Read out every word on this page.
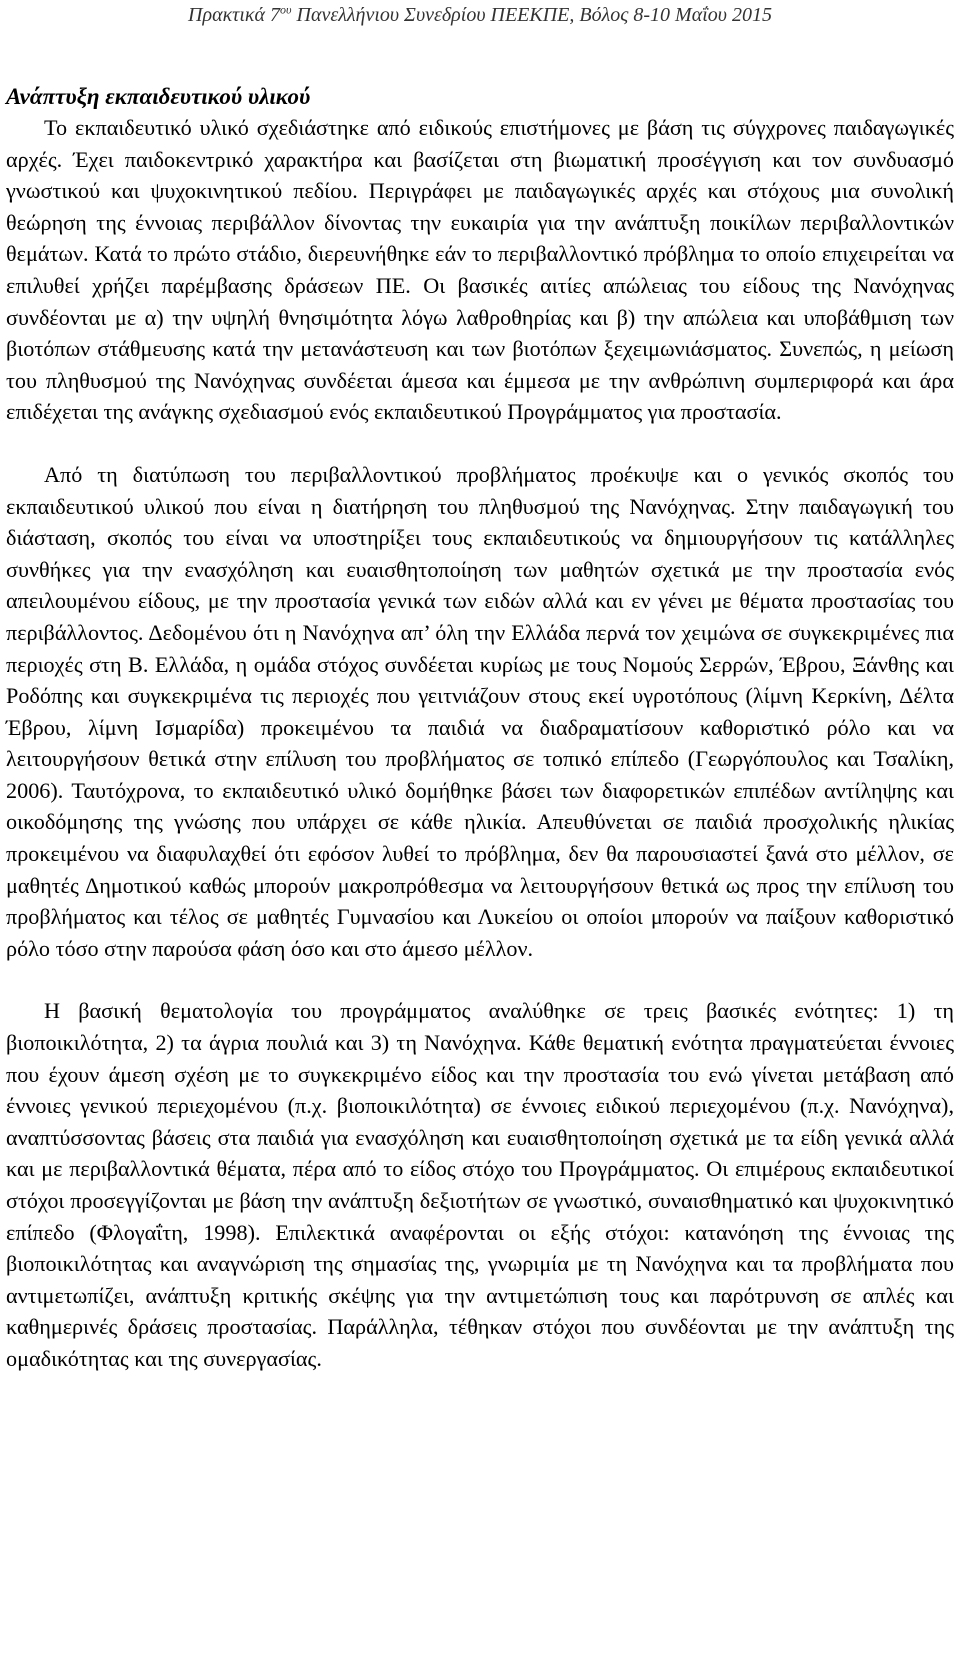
Πρακτικά $7^{o\upsilon}$ Πανελλήνιου Συνεδρίου ΠΕΕΚΠΕ, Βόλος 8-10 Μαΐου 2015
Ανάπτυξη εκπαιδευτικού υλικού

Το εκπαιδευτικό υλικό σχεδιάστηκε από ειδικούς επιστήμονες με βάση τις σύγχρονες παιδαγωγικές αρχές. Έχει παιδοκεντρικό χαρακτήρα και βασίζεται στη βιωματική προσέγγιση και τον συνδυασμό γνωστικού και ψυχοκινητικού πεδίου. Περιγράφει με παιδαγωγικές αρχές και στόχους μια συνολική θεώρηση της έννοιας περιβάλλον δίνοντας την ευκαιρία για την ανάπτυξη ποικίλων περιβαλλοντικών θεμάτων. Κατά το πρώτο στάδιο, διερευνήθηκε εάν το περιβαλλοντικό πρόβλημα το οποίο επιχειρείται να επιλυθεί χρήζει παρέμβασης δράσεων ΠΕ. Οι βασικές αιτίες απώλειας του είδους της Νανόχηνας συνδέονται με α) την υψηλή θνησιμότητα λόγω λαθροθηρίας και β) την απώλεια και υποβάθμιση των βιοτόπων στάθμευσης κατά την μετανάστευση και των βιοτόπων ξεχειμωνιάσματος. Συνεπώς, η μείωση του πληθυσμού της Νανόχηνας συνδέεται άμεσα και έμμεσα με την ανθρώπινη συμπεριφορά και άρα επιδέχεται της ανάγκης σχεδιασμού ενός εκπαιδευτικού Προγράμματος για προστασία.

Από τη διατύπωση του περιβαλλοντικού προβλήματος προέκυψε και ο γενικός σκοπός του εκπαιδευτικού υλικού που είναι η διατήρηση του πληθυσμού της Νανόχηνας. Στην παιδαγωγική του διάσταση, σκοπός του είναι να υποστηρίξει τους εκπαιδευτικούς να δημιουργήσουν τις κατάλληλες συνθήκες για την ενασχόληση και ευαισθητοποίηση των μαθητών σχετικά με την προστασία ενός απειλουμένου είδους, με την προστασία γενικά των ειδών αλλά και εν γένει με θέματα προστασίας του περιβάλλοντος. Δεδομένου ότι η Νανόχηνα απ’ όλη την Ελλάδα περνά τον χειμώνα σε συγκεκριμένες πια περιοχές στη Β. Ελλάδα, η ομάδα στόχος συνδέεται κυρίως με τους Νομούς Σερρών, Έβρου, Ξάνθης και Ροδόπης και συγκεκριμένα τις περιοχές που γειτνιάζουν στους εκεί υγροτόπους (λίμνη Κερκίνη, Δέλτα Έβρου, λίμνη Ισμαρίδα) προκειμένου τα παιδιά να διαδραματίσουν καθοριστικό ρόλο και να λειτουργήσουν θετικά στην επίλυση του προβλήματος σε τοπικό επίπεδο (Γεωργόπουλος και Τσαλίκη, 2006). Ταυτόχρονα, το εκπαιδευτικό υλικό δομήθηκε βάσει των διαφορετικών επιπέδων αντίληψης και οικοδόμησης της γνώσης που υπάρχει σε κάθε ηλικία. Απευθύνεται σε παιδιά προσχολικής ηλικίας προκειμένου να διαφυλαχθεί ότι εφόσον λυθεί το πρόβλημα, δεν θα παρουσιαστεί ξανά στο μέλλον, σε μαθητές Δημοτικού καθώς μπορούν μακροπρόθεσμα να λειτουργήσουν θετικά ως προς την επίλυση του προβλήματος και τέλος σε μαθητές Γυμνασίου και Λυκείου οι οποίοι μπορούν να παίξουν καθοριστικό ρόλο τόσο στην παρούσα φάση όσο και στο άμεσο μέλλον.

Η βασική θεματολογία του προγράμματος αναλύθηκε σε τρεις βασικές ενότητες: 1) τη βιοποικιλότητα, 2) τα άγρια πουλιά και 3) τη Νανόχηνα. Κάθε θεματική ενότητα πραγματεύεται έννοιες που έχουν άμεση σχέση με το συγκεκριμένο είδος και την προστασία του ενώ γίνεται μετάβαση από έννοιες γενικού περιεχομένου (π.χ. βιοποικιλότητα) σε έννοιες ειδικού περιεχομένου (π.χ. Νανόχηνα), αναπτύσσοντας βάσεις στα παιδιά για ενασχόληση και ευαισθητοποίηση σχετικά με τα είδη γενικά αλλά και με περιβαλλοντικά θέματα, πέρα από το είδος στόχο του Προγράμματος. Οι επιμέρους εκπαιδευτικοί στόχοι προσεγγίζονται με βάση την ανάπτυξη δεξιοτήτων σε γνωστικό, συναισθηματικό και ψυχοκινητικό επίπεδο (Φλογαΐτη, 1998). Επιλεκτικά αναφέρονται οι εξής στόχοι: κατανόηση της έννοιας της βιοποικιλότητας και αναγνώριση της σημασίας της, γνωριμία με τη Νανόχηνα και τα προβλήματα που αντιμετωπίζει, ανάπτυξη κριτικής σκέψης για την αντιμετώπιση τους και παρότρυνση σε απλές και καθημερινές δράσεις προστασίας. Παράλληλα, τέθηκαν στόχοι που συνδέονται με την ανάπτυξη της ομαδικότητας και της συνεργασίας.
